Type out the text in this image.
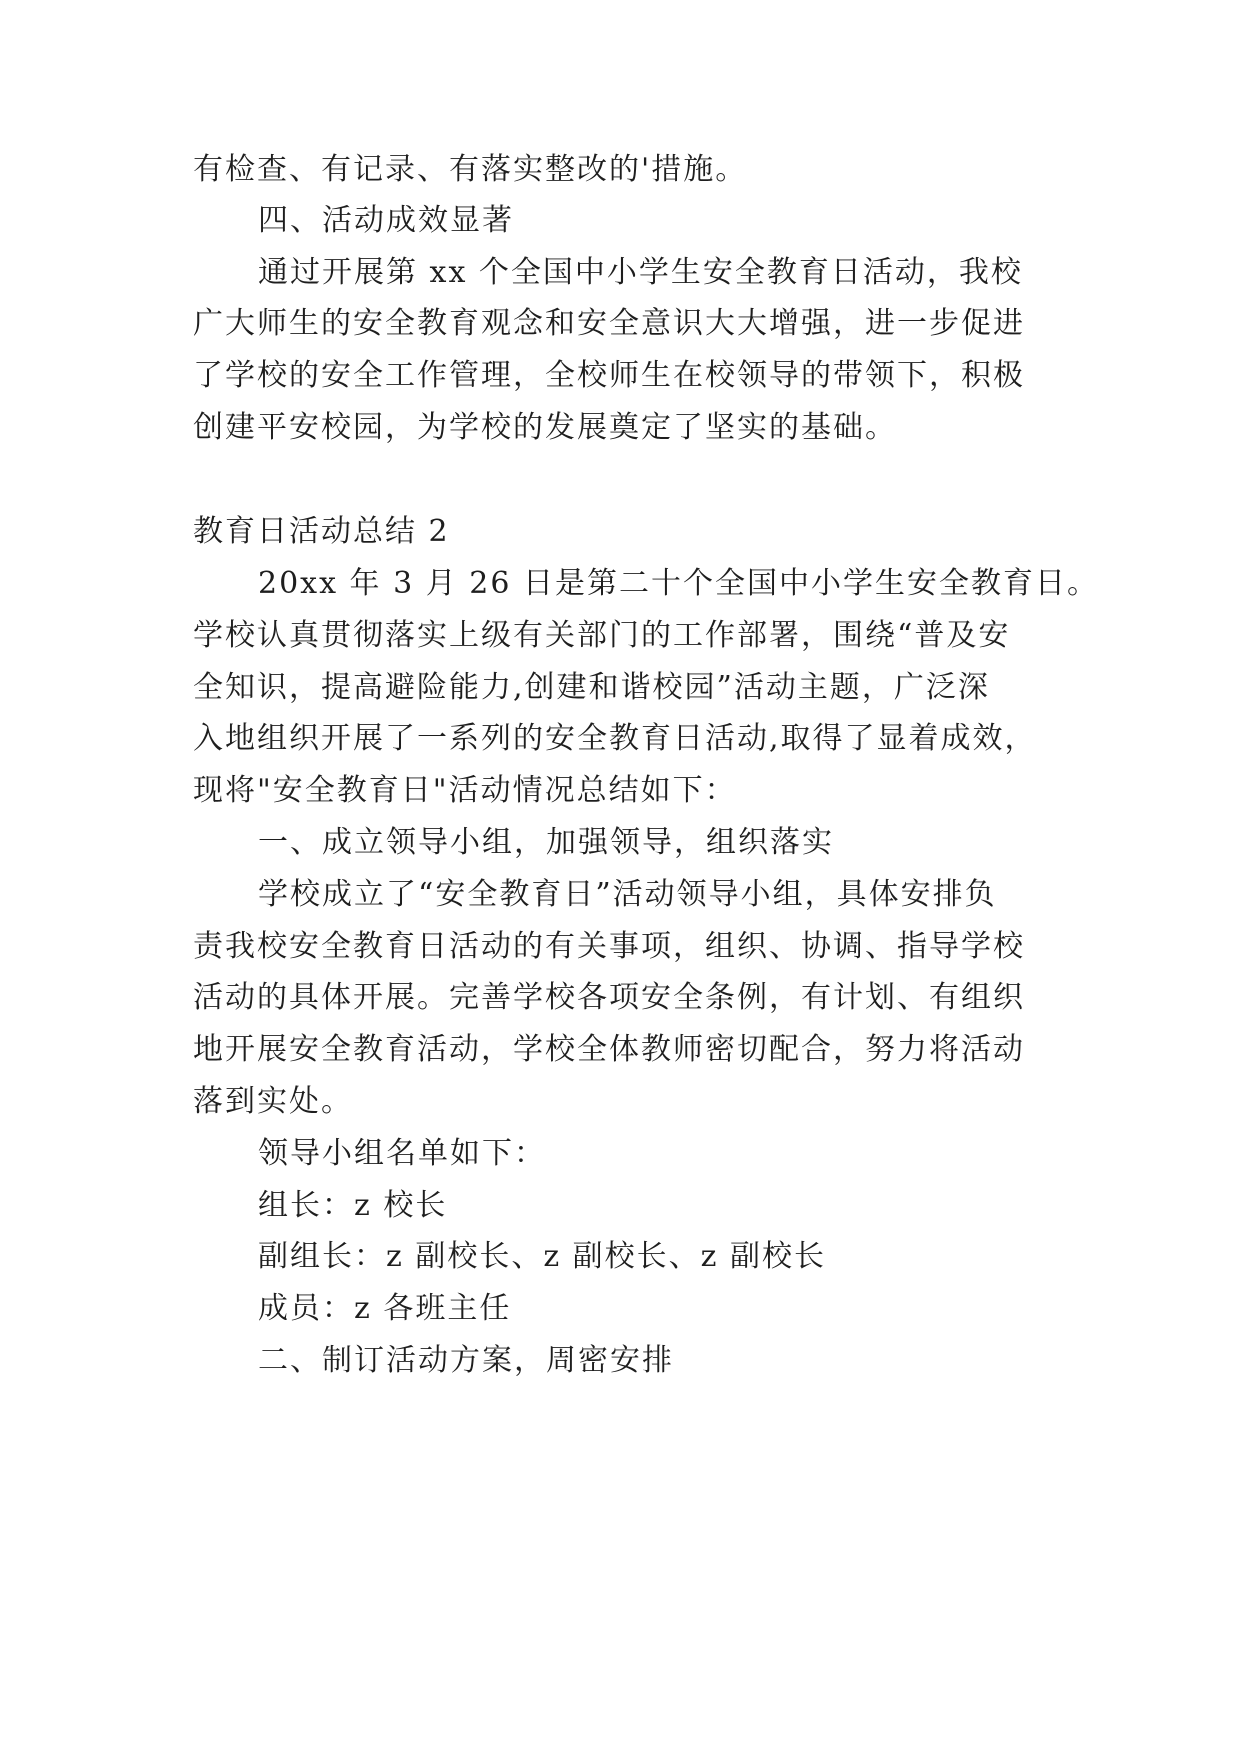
有检查、有记录、有落实整改的'措施。
四、活动成效显著
通过开展第 xx 个全国中小学生安全教育日活动，我校
广大师生的安全教育观念和安全意识大大增强，进一步促进
了学校的安全工作管理，全校师生在校领导的带领下，积极
创建平安校园，为学校的发展奠定了坚实的基础。
教育日活动总结 2
20xx 年 3 月 26 日是第二十个全国中小学生安全教育日。
学校认真贯彻落实上级有关部门的工作部署，围绕“普及安
全知识，提高避险能力,创建和谐校园”活动主题，广泛深
入地组织开展了一系列的安全教育日活动,取得了显着成效，
现将"安全教育日"活动情况总结如下：
一、成立领导小组，加强领导，组织落实
学校成立了“安全教育日”活动领导小组，具体安排负
责我校安全教育日活动的有关事项，组织、协调、指导学校
活动的具体开展。完善学校各项安全条例，有计划、有组织
地开展安全教育活动，学校全体教师密切配合，努力将活动
落到实处。
领导小组名单如下：
组长：z 校长
副组长：z 副校长、z 副校长、z 副校长
成员：z 各班主任
二、制订活动方案，周密安排
